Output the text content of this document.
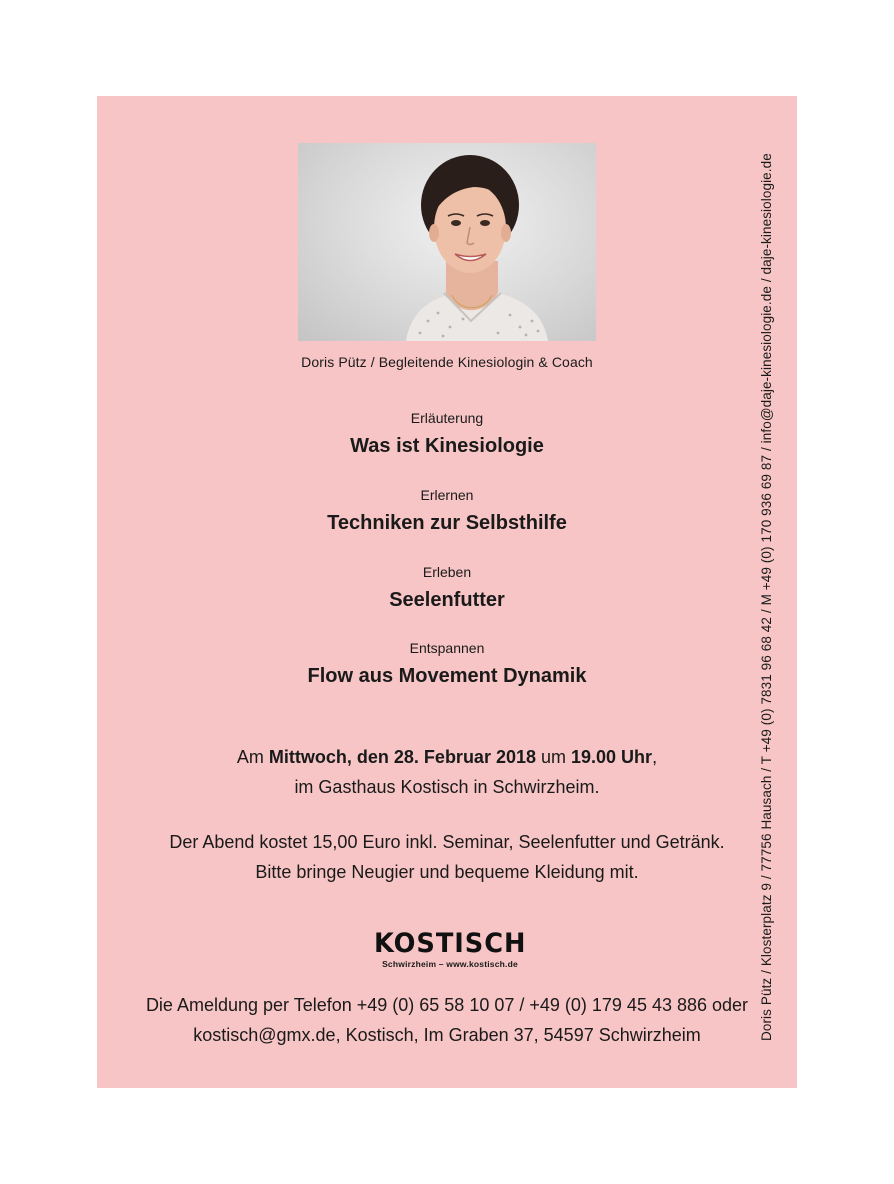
Doris Pütz / Begleitende Kinesiologin & Coach
Erläuterung
Was ist Kinesiologie
Erlernen
Techniken zur Selbsthilfe
Erleben
Seelenfutter
Entspannen
Flow aus Movement Dynamik
Am Mittwoch, den 28. Februar 2018 um 19.00 Uhr,
im Gasthaus Kostisch in Schwirzheim.
Der Abend kostet 15,00 Euro inkl. Seminar, Seelenfutter und Getränk.
Bitte bringe Neugier und bequeme Kleidung mit.
KOSTISCH
Schwirzheim – www.kostisch.de
Die Ameldung per Telefon +49 (0) 65 58 10 07 / +49 (0) 179 45 43 886 oder
kostisch@gmx.de, Kostisch, Im Graben 37, 54597 Schwirzheim	Doris Pütz / Klosterplatz 9 / 77756 Hausach / T +49 (0) 7831 96 68 42 / M +49 (0) 170 936 69 87 / info@daje-kinesiologie.de / daje-kinesiologie.de
